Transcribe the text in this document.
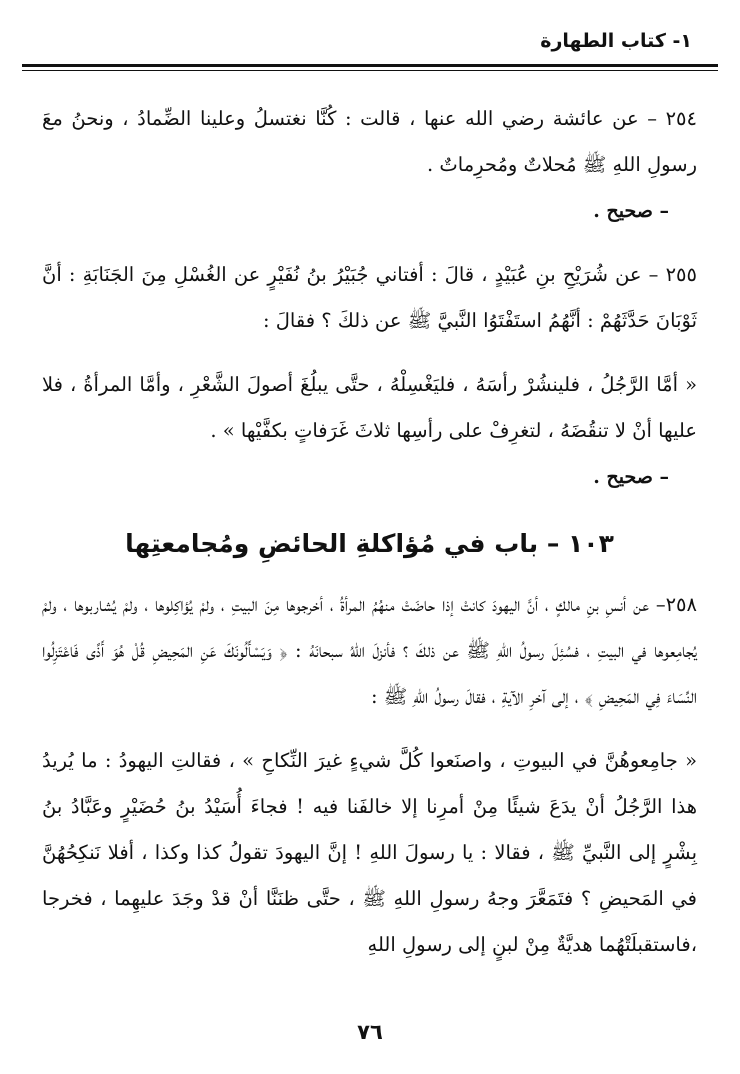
١- كتاب الطهارة

٢٥٤ – عن عائشة رضي الله عنها ، قالت : كُنَّا نغتسلُ وعلينا الضِّمادُ ، ونحنُ معَ رسولِ اللهِ ﷺ مُحلاتٌ ومُحرِماتٌ .

– صحيح .

٢٥٥ – عن شُرَيْحِ بنِ عُبَيْدٍ ، قالَ : أفتاني جُبَيْرُ بنُ نُفَيْرٍ عن الغُسْلِ مِنَ الجَنَابَةِ : أنَّ ثَوْبَانَ حَدَّثَهُمْ : أنَّهُمُ استَفْتَوُا النَّبيَّ ﷺ عن ذلكَ ؟ فقالَ :

« أمَّا الرَّجُلُ ، فلينشُرْ رأسَهُ ، فليَغْسِلْهُ ، حتَّى يبلُغَ أصولَ الشَّعْرِ ، وأمَّا المرأةُ ، فلا عليها أنْ لا تنقُضَهُ ، لتغرِفْ على رأسِها ثلاثَ غَرَفاتٍ بكفَّيْها » .

– صحيح .

١٠٣ – باب في مُؤاكلةِ الحائضِ ومُجامعتِها

٢٥٨– عن أنسِ بنِ مالكٍ ، أنَّ اليهودَ كانتْ إذا حاضَتْ منهُمُ المرأةُ ، أخرجوها مِنَ البيتِ ، ولمْ يُؤاكِلوها ، ولمْ يُشاربوها ، ولمْ يُجامِعوها في البيتِ ، فسُئِلَ رسولُ اللهِ ﷺ عن ذلكَ ؟ فأنزلَ اللهُ سبحانَهُ : ﴿ وَيَسْأَلُونَكَ عَنِ المَحِيضِ قُلْ هُوَ أَذًى فَاعْتَزِلُوا النِّسَاءَ فِي المَحِيضِ ﴾ ، إلى آخرِ الآيةِ ، فقالَ رسولُ اللهِ ﷺ :

« جامِعوهُنَّ في البيوتِ ، واصنَعوا كُلَّ شيءٍ غيرَ النِّكاحِ » ، فقالتِ اليهودُ : ما يُريدُ هذا الرَّجُلُ أنْ يدَعَ شيئًا مِنْ أمرِنا إلا خالفَنا فيه ! فجاءَ أُسَيْدُ بنُ حُضَيْرٍ وعَبَّادُ بنُ بِشْرٍ إلى النَّبيِّ ﷺ ، فقالا : يا رسولَ اللهِ ! إنَّ اليهودَ تقولُ كذا وكذا ، أفلا نَنكِحُهُنَّ في المَحيضِ ؟ فتَمَعَّرَ وجهُ رسولِ اللهِ ﷺ ، حتَّى ظنَنَّا أنْ قدْ وجَدَ عليهِما ، فخرجا ،فاستقبلَتْهُما هديَّةٌ مِنْ لبنٍ إلى رسولِ اللهِ

٧٦
